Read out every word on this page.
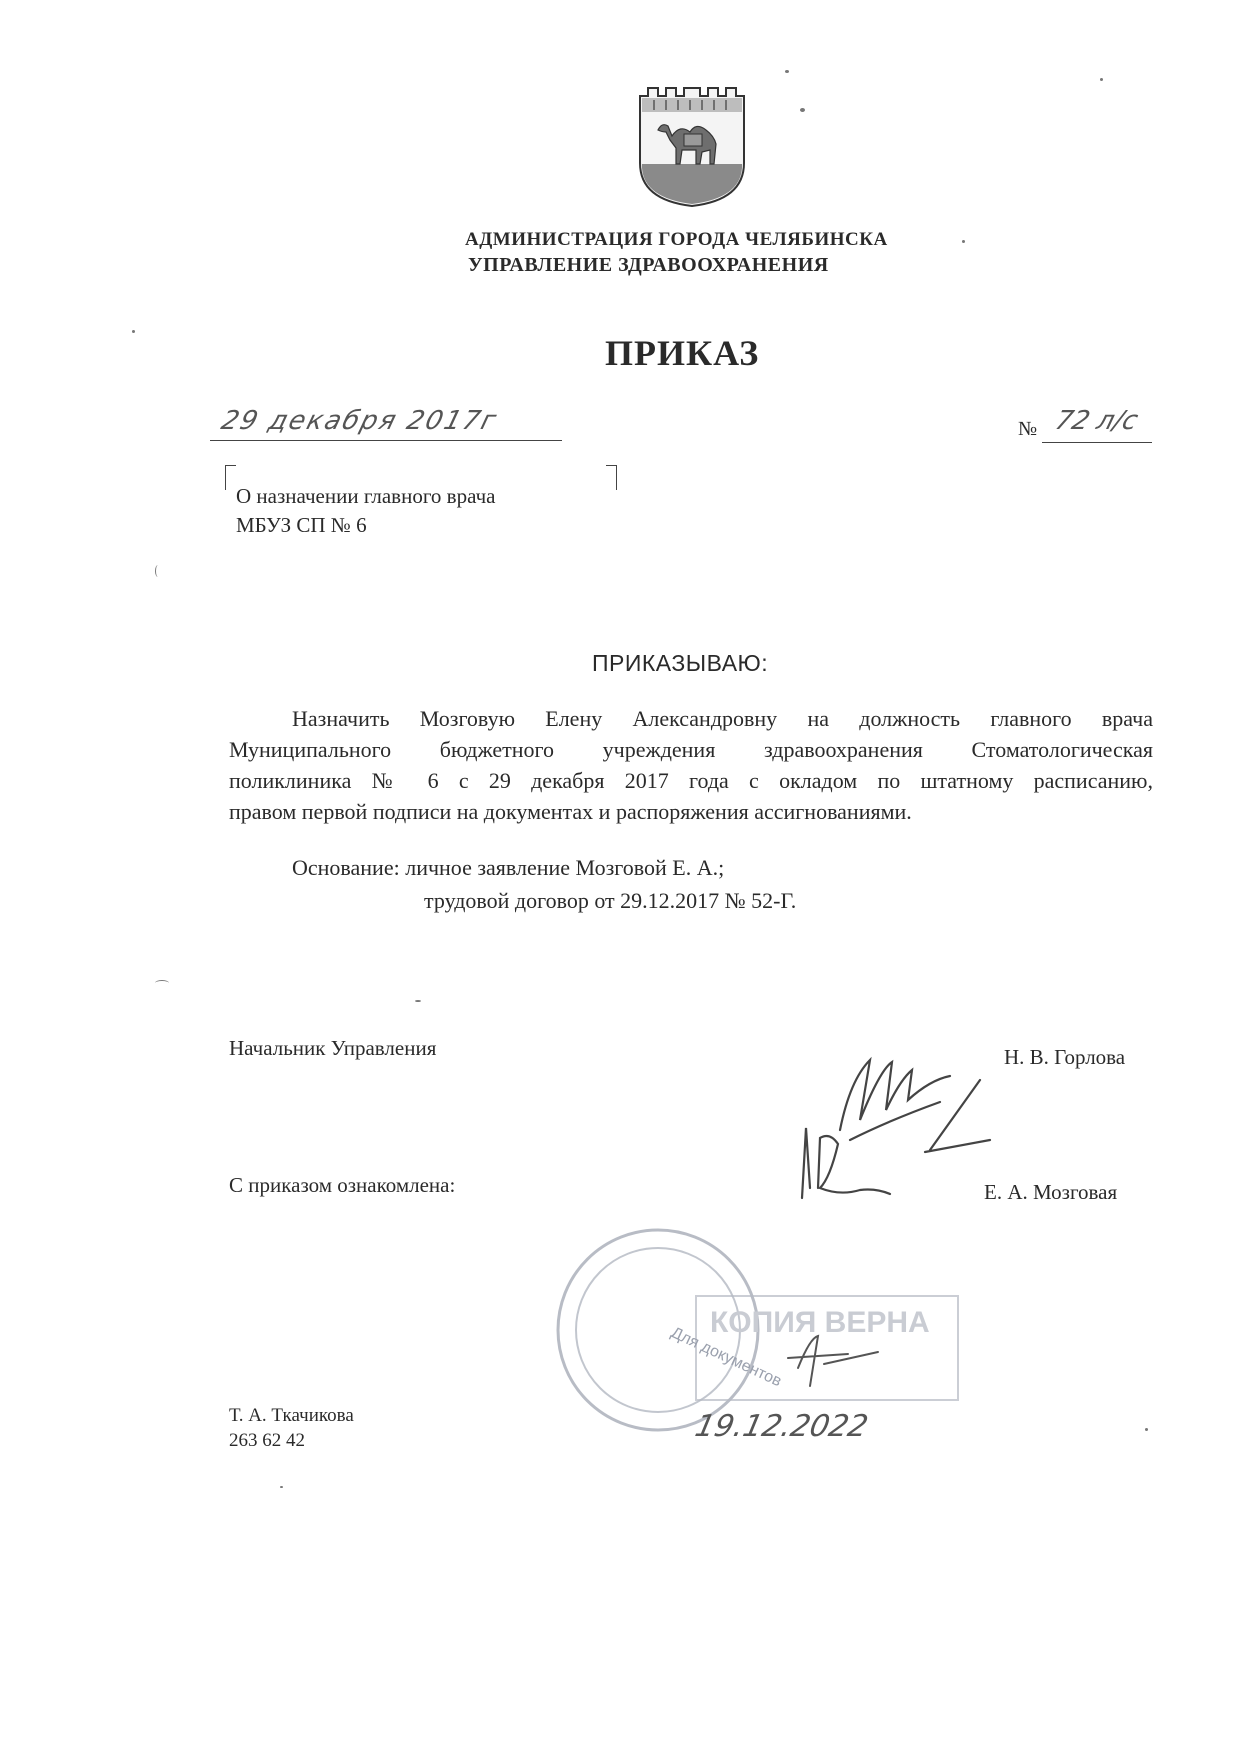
АДМИНИСТРАЦИЯ ГОРОДА ЧЕЛЯБИНСКА
УПРАВЛЕНИЕ ЗДРАВООХРАНЕНИЯ
ПРИКАЗ
29 декабря 2017г	№ 72 л/с
О назначении главного врача
МБУЗ СП № 6
ПРИКАЗЫВАЮ:
Назначить Мозговую Елену Александровну на должность главного врача
Муниципального бюджетного учреждения здравоохранения Стоматологическая
поликлиника № 6 с 29 декабря 2017 года с окладом по штатному расписанию,
правом первой подписи на документах и распоряжения ассигнованиями.
Основание: личное заявление Мозговой Е. А.;
трудовой договор от 29.12.2017 № 52-Г.
Начальник Управления	Н. В. Горлова
С приказом ознакомлена:	Е. А. Мозговая
Для документов
КОПИЯ ВЕРНА
19.12.2022
Т. А. Ткачикова
263 62 42
